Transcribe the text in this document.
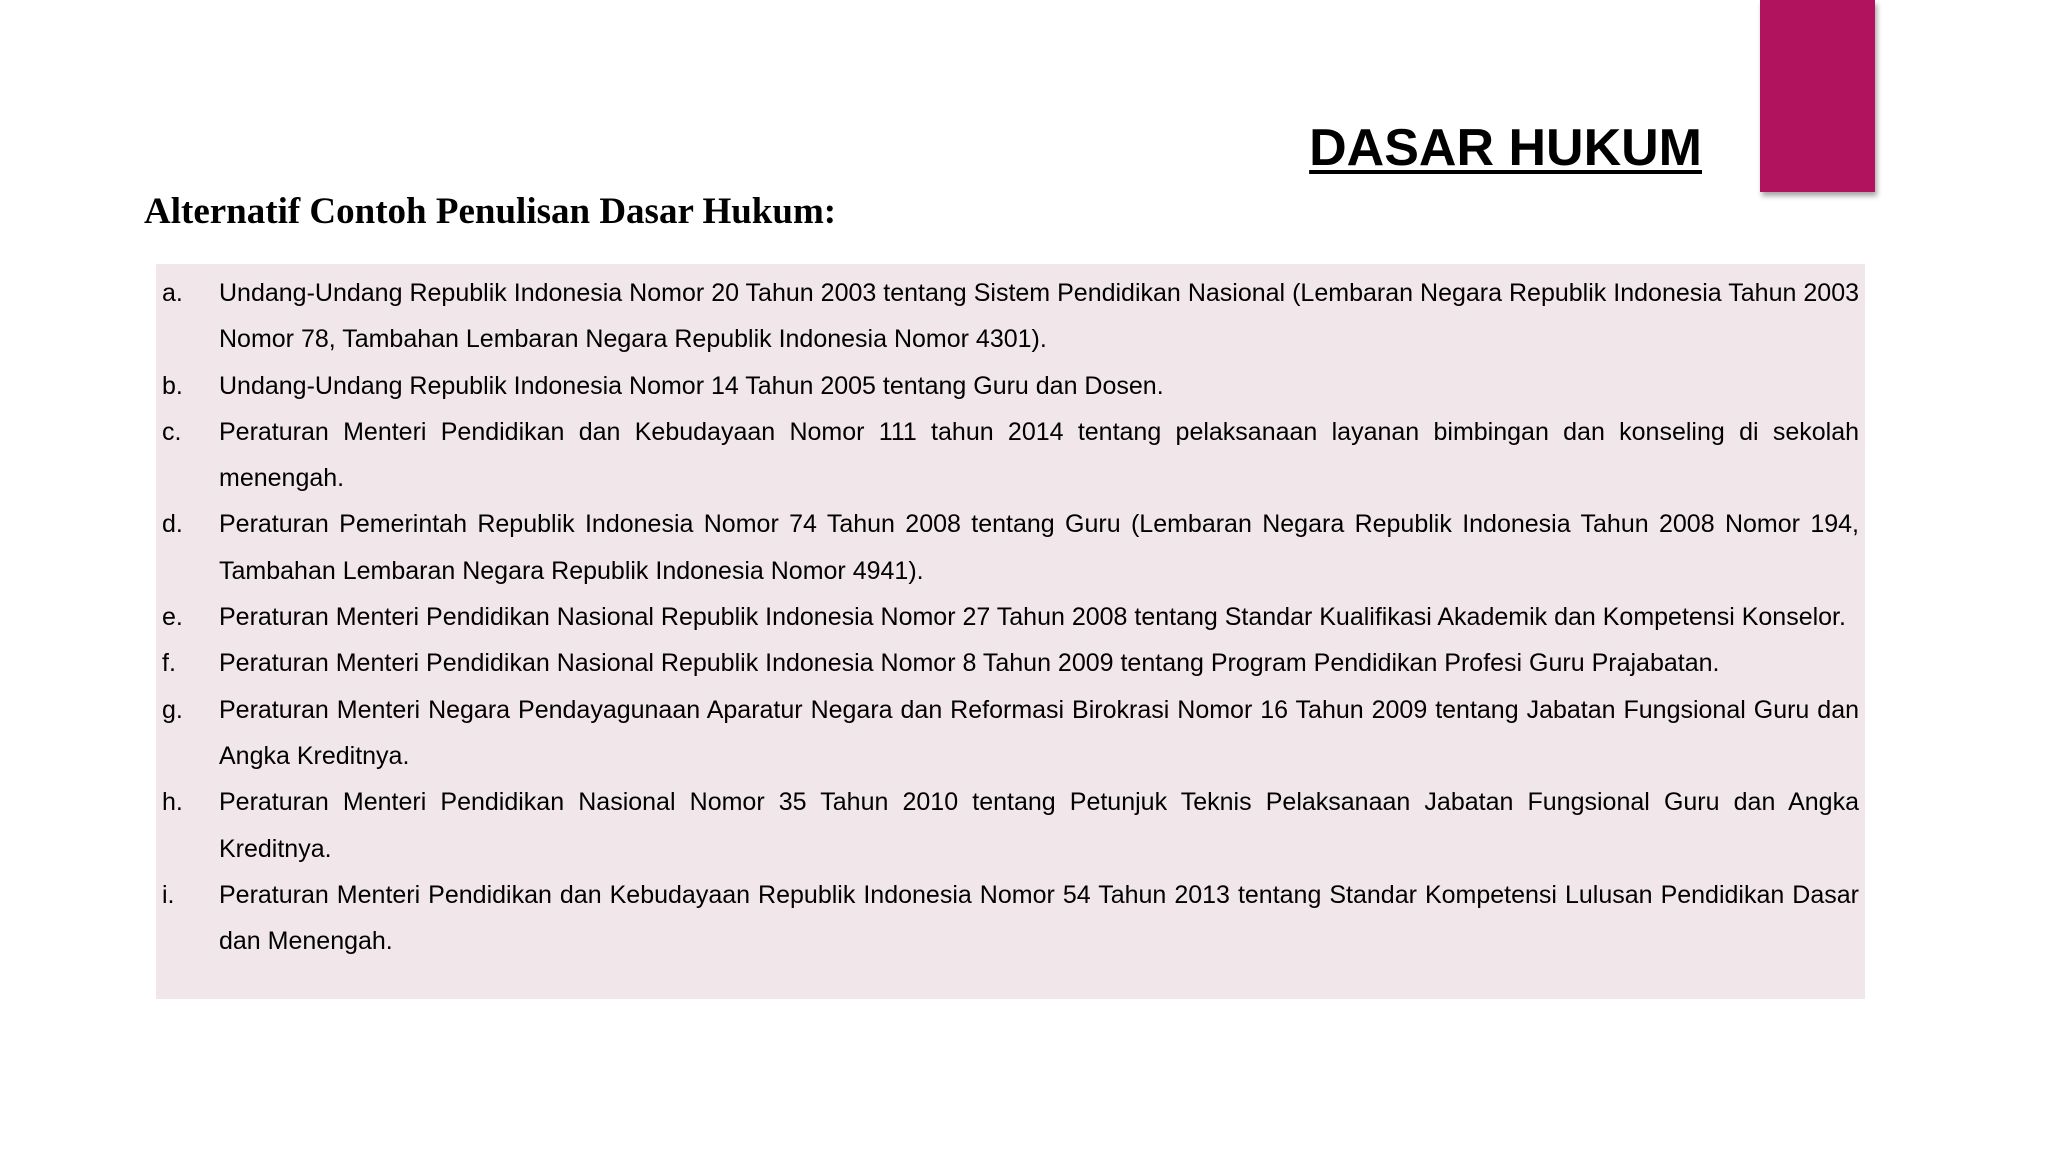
DASAR HUKUM
Alternatif Contoh Penulisan Dasar Hukum:
a.	Undang-Undang Republik Indonesia Nomor 20 Tahun 2003 tentang Sistem Pendidikan Nasional (Lembaran Negara Republik Indonesia Tahun 2003 Nomor 78, Tambahan Lembaran Negara Republik Indonesia Nomor 4301).
b.	Undang-Undang Republik Indonesia Nomor 14 Tahun 2005 tentang Guru dan Dosen.
c.	Peraturan Menteri Pendidikan dan Kebudayaan Nomor 111 tahun 2014 tentang pelaksanaan layanan bimbingan dan konseling di sekolah menengah.
d.	Peraturan Pemerintah Republik Indonesia Nomor 74 Tahun 2008 tentang Guru (Lembaran Negara Republik Indonesia Tahun 2008 Nomor 194, Tambahan Lembaran Negara Republik Indonesia Nomor 4941).
e.	Peraturan Menteri Pendidikan Nasional Republik Indonesia Nomor 27 Tahun 2008 tentang Standar Kualifikasi Akademik dan Kompetensi Konselor.
f.	Peraturan Menteri Pendidikan Nasional Republik Indonesia Nomor 8 Tahun 2009 tentang Program Pendidikan Profesi Guru Prajabatan.
g.	Peraturan Menteri Negara Pendayagunaan Aparatur Negara dan Reformasi Birokrasi Nomor 16 Tahun 2009 tentang Jabatan Fungsional Guru dan Angka Kreditnya.
h.	Peraturan Menteri Pendidikan Nasional Nomor 35 Tahun 2010 tentang Petunjuk Teknis Pelaksanaan Jabatan Fungsional Guru dan Angka Kreditnya.
i.	Peraturan Menteri Pendidikan dan Kebudayaan Republik Indonesia Nomor 54 Tahun 2013 tentang Standar Kompetensi Lulusan Pendidikan Dasar dan Menengah.
